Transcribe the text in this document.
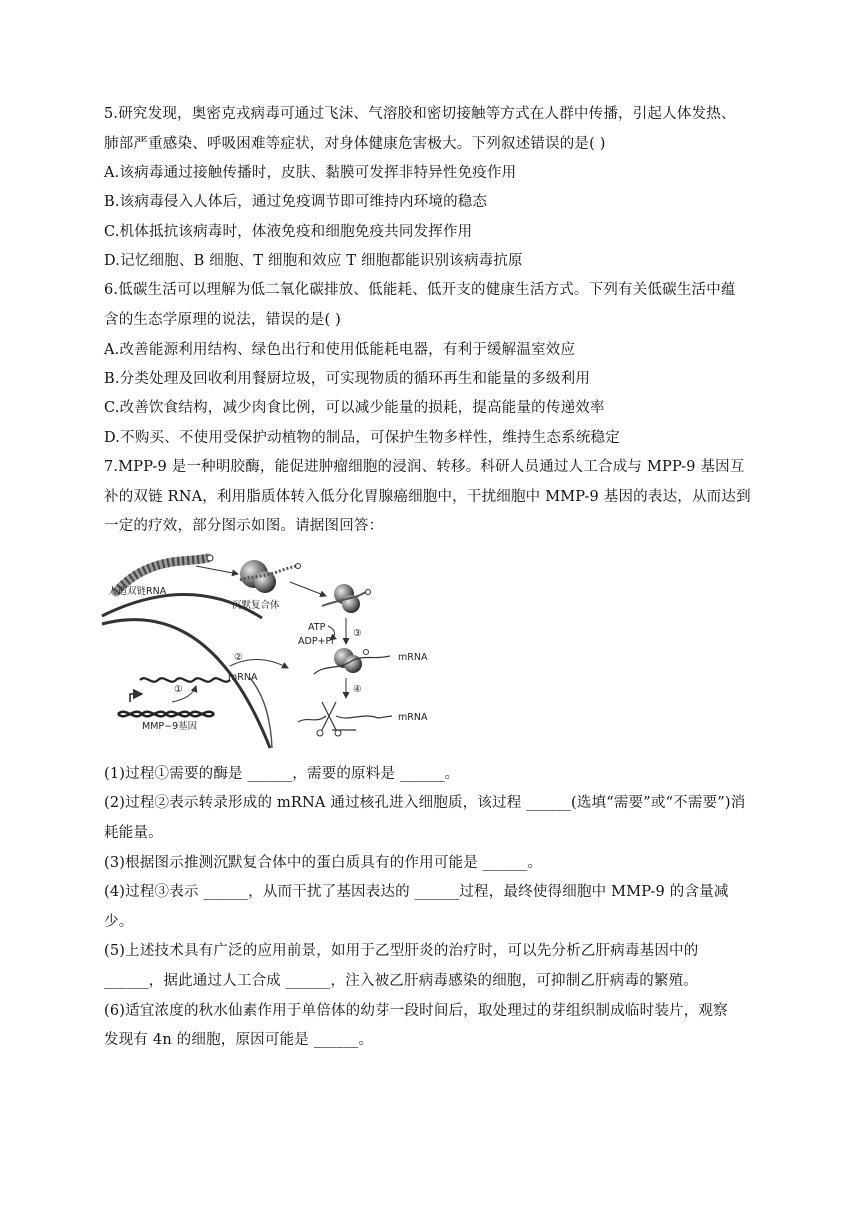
5.研究发现，奥密克戎病毒可通过飞沫、气溶胶和密切接触等方式在人群中传播，引起人体发热、
肺部严重感染、呼吸困难等症状，对身体健康危害极大。下列叙述错误的是( )
A.该病毒通过接触传播时，皮肤、黏膜可发挥非特异性免疫作用
B.该病毒侵入人体后，通过免疫调节即可维持内环境的稳态
C.机体抵抗该病毒时，体液免疫和细胞免疫共同发挥作用
D.记忆细胞、B 细胞、T 细胞和效应 T 细胞都能识别该病毒抗原
6.低碳生活可以理解为低二氧化碳排放、低能耗、低开支的健康生活方式。下列有关低碳生活中蕴
含的生态学原理的说法，错误的是( )
A.改善能源利用结构、绿色出行和使用低能耗电器，有利于缓解温室效应
B.分类处理及回收利用餐厨垃圾，可实现物质的循环再生和能量的多级利用
C.改善饮食结构，减少肉食比例，可以减少能量的损耗，提高能量的传递效率
D.不购买、不使用受保护动植物的制品，可保护生物多样性，维持生态系统稳定
7.MPP-9 是一种明胶酶，能促进肿瘤细胞的浸润、转移。科研人员通过人工合成与 MPP-9 基因互
补的双链 RNA，利用脂质体转入低分化胃腺癌细胞中，干扰细胞中 MMP-9 基因的表达，从而达到
一定的疗效，部分图示如图。请据图回答：
人造双链RNA
沉默复合体
③
ATP
ADP+Pi
mRNA
④
mRNA
MMP−9基因
mRNA
①
②
(1)过程①需要的酶是 ______，需要的原料是 ______。
(2)过程②表示转录形成的 mRNA 通过核孔进入细胞质，该过程 ______(选填“需要”或“不需要”)消
耗能量。
(3)根据图示推测沉默复合体中的蛋白质具有的作用可能是 ______。
(4)过程③表示 ______，从而干扰了基因表达的 ______过程，最终使得细胞中 MMP-9 的含量减
少。
(5)上述技术具有广泛的应用前景，如用于乙型肝炎的治疗时，可以先分析乙肝病毒基因中的
______，据此通过人工合成 ______，注入被乙肝病毒感染的细胞，可抑制乙肝病毒的繁殖。
(6)适宜浓度的秋水仙素作用于单倍体的幼芽一段时间后，取处理过的芽组织制成临时装片，观察
发现有 4n 的细胞，原因可能是 ______。
